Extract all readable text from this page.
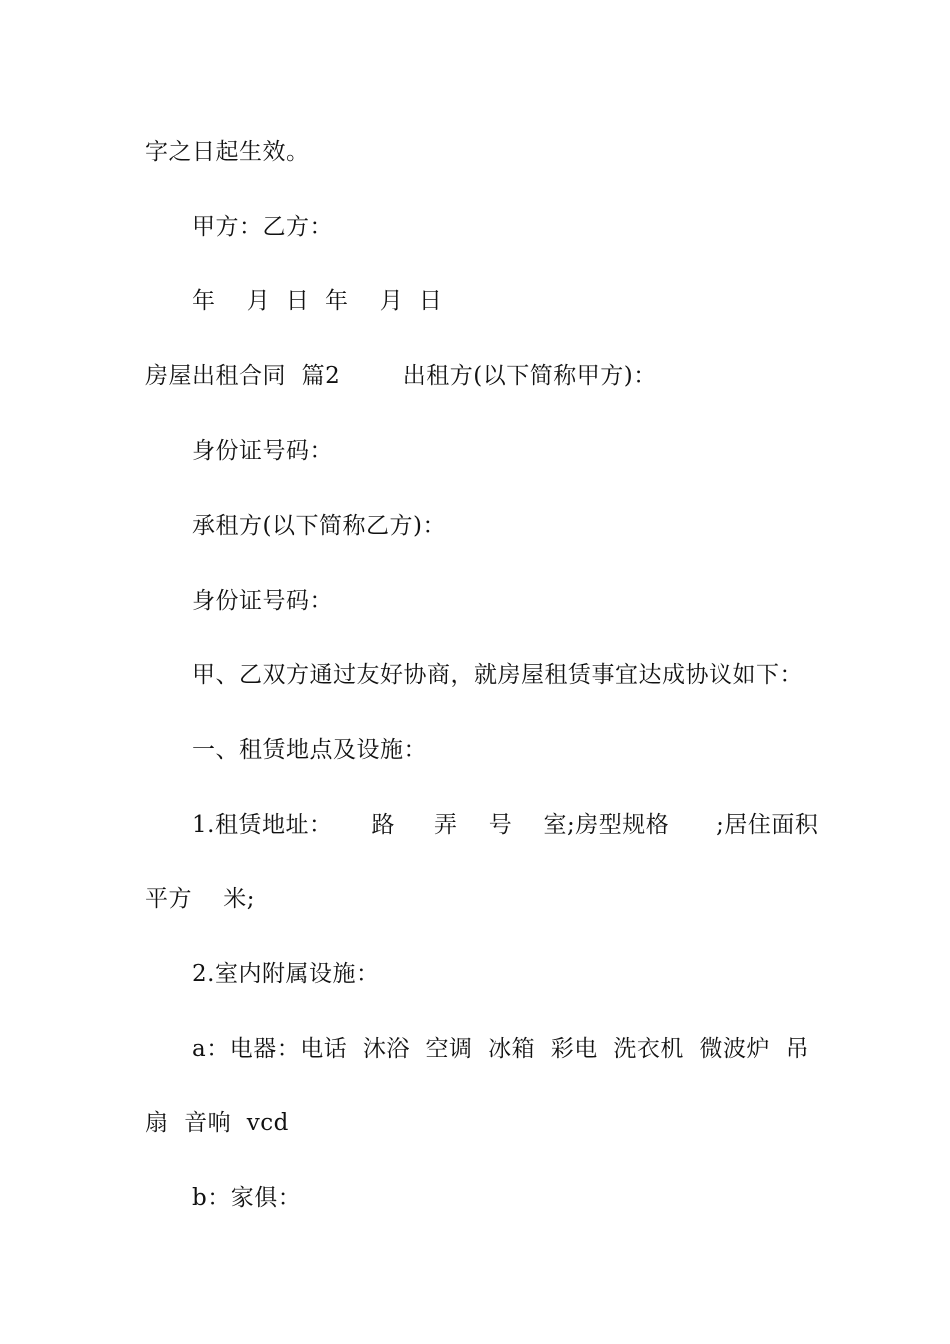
字之日起生效。
甲方：乙方：
年    月  日  年    月  日
房屋出租合同  篇2        出租方(以下简称甲方)：
身份证号码：
承租方(以下简称乙方)：
身份证号码：
甲、乙双方通过友好协商，就房屋租赁事宜达成协议如下：
一、租赁地点及设施：
1.租赁地址：     路     弄    号    室;房型规格      ;居住面积
平方    米;
2.室内附属设施：
a：电器：电话  沐浴  空调  冰箱  彩电  洗衣机  微波炉  吊
扇  音响  vcd
b：家俱：
